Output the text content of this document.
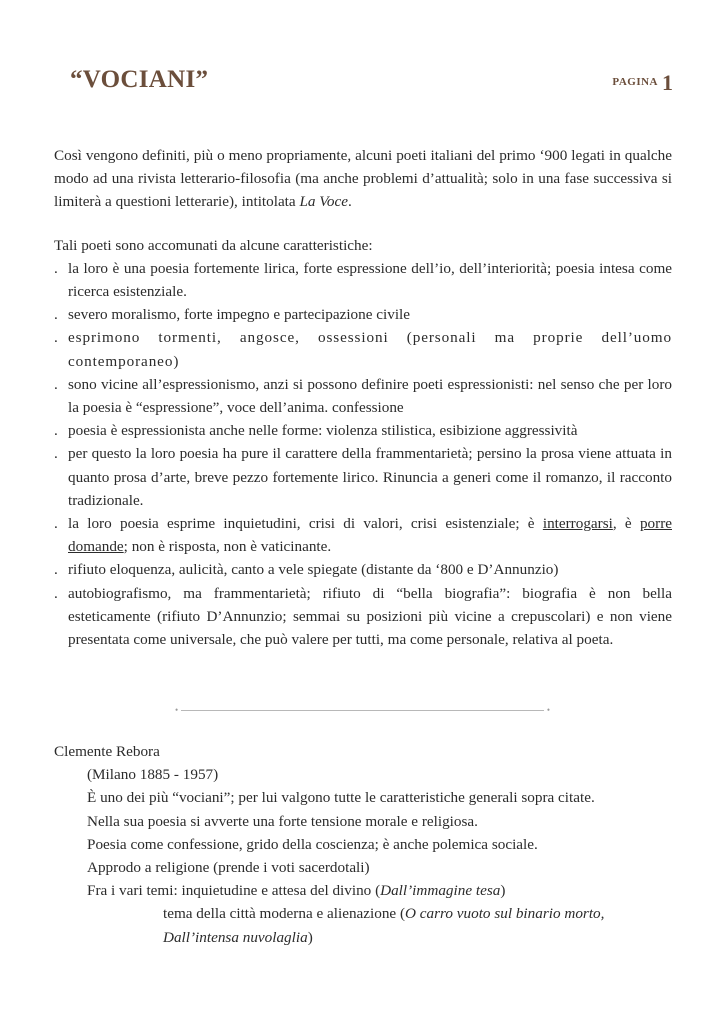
“VOCIANI”	$^{PAGINA}$ 1

Così vengono definiti, più o meno propriamente, alcuni poeti italiani del primo ‘900 legati in qualche modo ad una rivista letterario-filosofia (ma anche problemi d’attualità; solo in una fase successiva si limiterà a questioni letterarie), intitolata La Voce.

Tali poeti sono accomunati da alcune caratteristiche:

. la loro è una poesia fortemente lirica, forte espressione dell’io, dell’interiorità; poesia intesa come ricerca esistenziale.
. severo moralismo, forte impegno e partecipazione civile
. esprimono tormenti, angosce, ossessioni (personali ma proprie dell’uomo contemporaneo)
. sono vicine all’espressionismo, anzi si possono definire poeti espressionisti: nel senso che per loro la poesia è “espressione”, voce dell’anima. confessione
. poesia è espressionista anche nelle forme: violenza stilistica, esibizione aggressività
. per questo la loro poesia ha pure il carattere della frammentarietà; persino la prosa viene attuata in quanto prosa d’arte, breve pezzo fortemente lirico. Rinuncia a generi come il romanzo, il racconto tradizionale.
. la loro poesia esprime inquietudini, crisi di valori, crisi esistenziale; è interrogarsi, è porre domande; non è risposta, non è vaticinante.
. rifiuto eloquenza, aulicità, canto a vele spiegate (distante da ‘800 e D’Annunzio)
. autobiografismo, ma frammentarietà; rifiuto di “bella biografia”: biografia è non bella esteticamente (rifiuto D’Annunzio; semmai su posizioni più vicine a crepuscolari) e non viene presentata come universale, che può valere per tutti, ma come personale, relativa al poeta.
•	•

Clemente Rebora

(Milano 1885 - 1957)
È uno dei più “vociani”; per lui valgono tutte le caratteristiche generali sopra citate.
Nella sua poesia si avverte una forte tensione morale e religiosa.
Poesia come confessione, grido della coscienza; è anche polemica sociale.
Approdo a religione (prende i voti sacerdotali)
Fra i vari temi: inquietudine e attesa del divino (Dall’immagine tesa)
tema della città moderna e alienazione (O carro vuoto sul binario morto,
Dall’intensa nuvolaglia)
